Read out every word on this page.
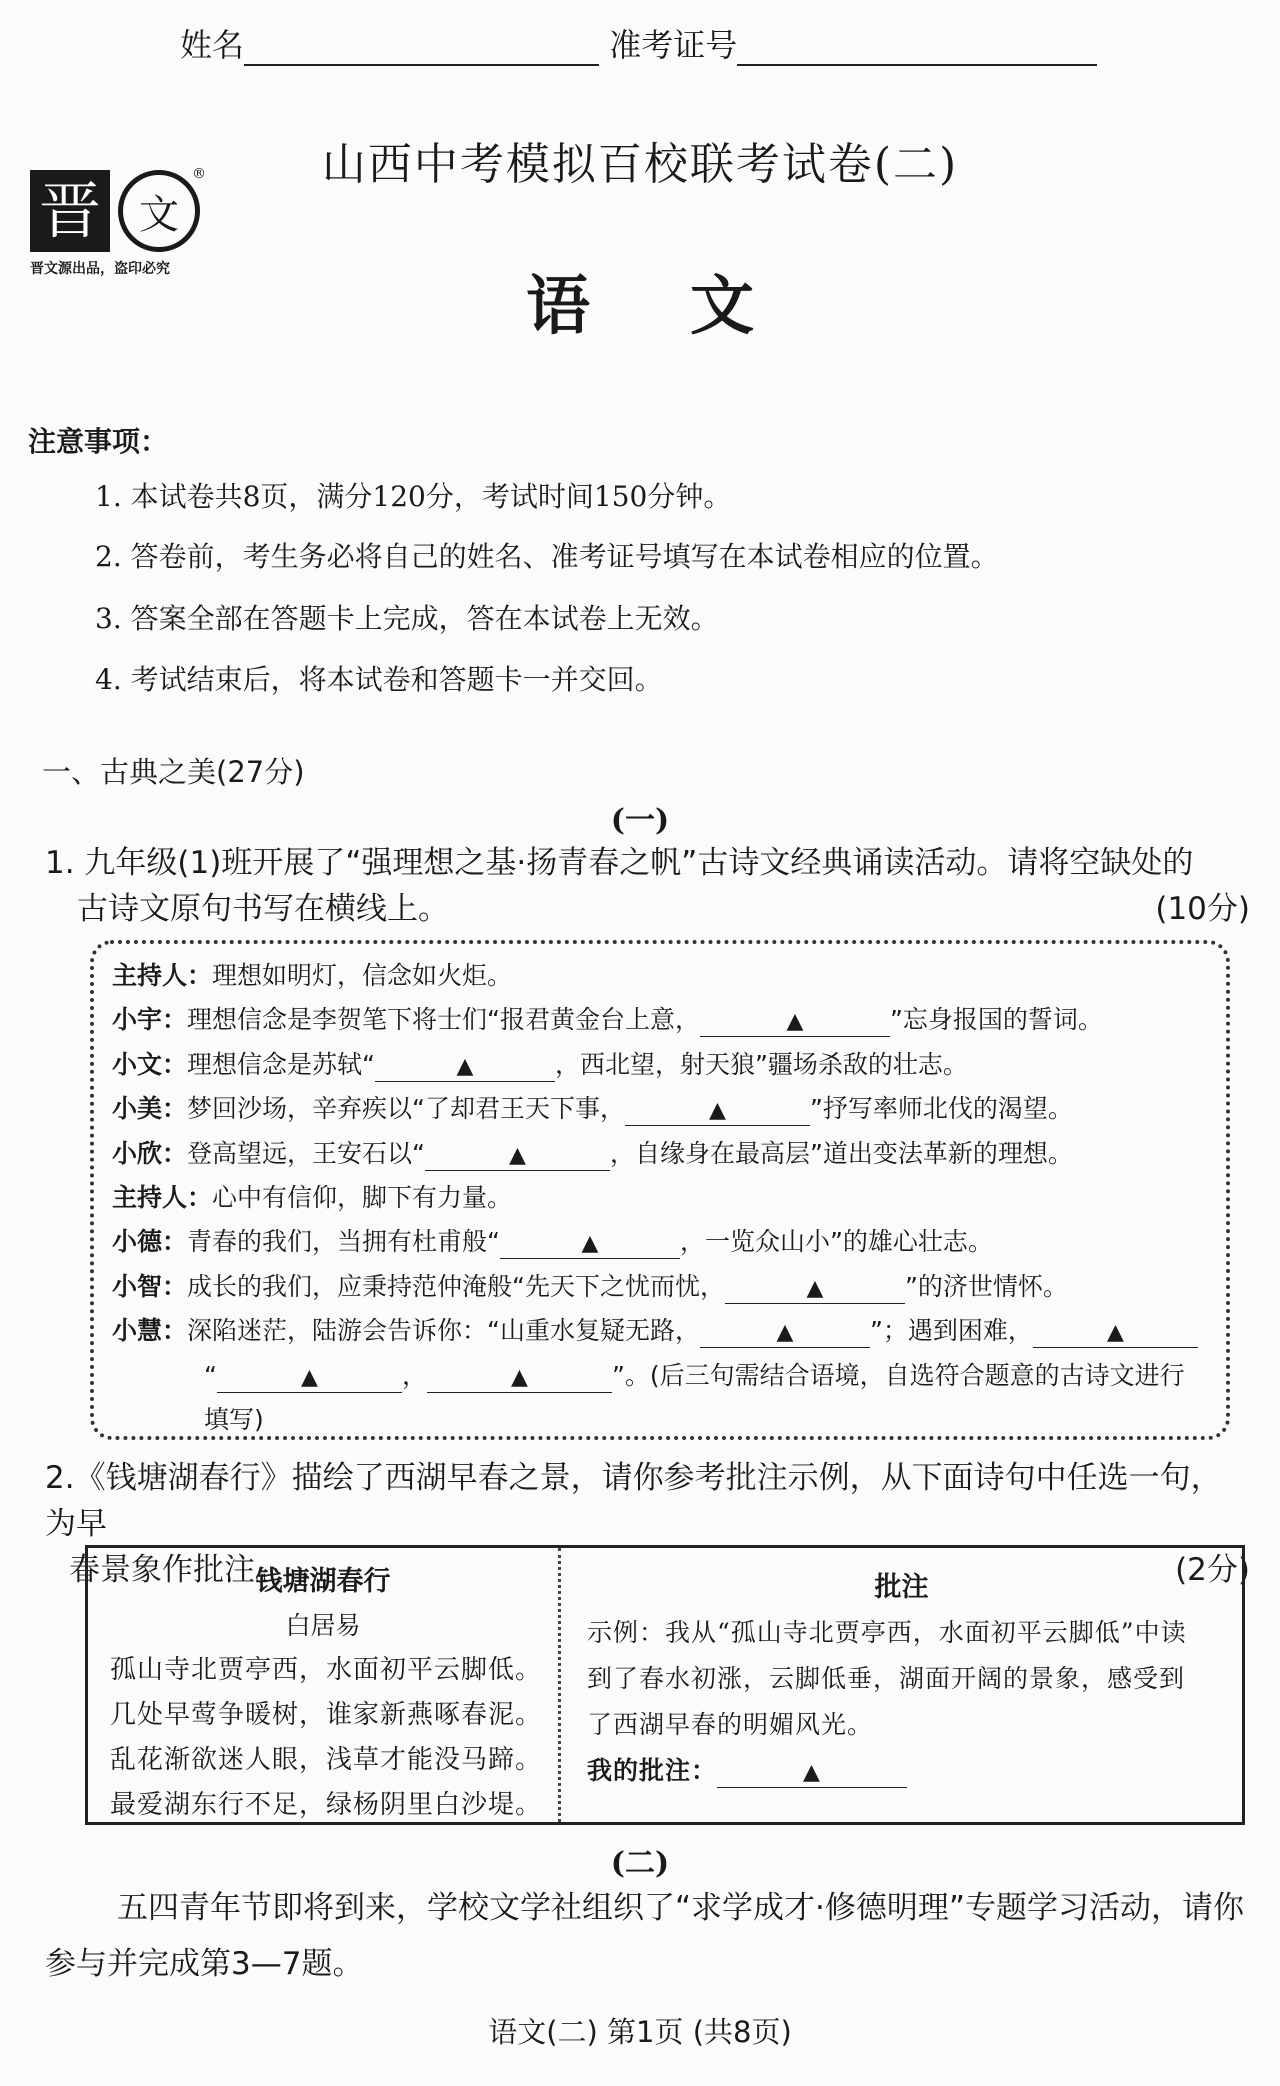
姓名	准考证号
晋 文
®
晋文源出品，盗印必究
山西中考模拟百校联考试卷(二)
语文
注意事项：
1. 本试卷共8页，满分120分，考试时间150分钟。
2. 答卷前，考生务必将自己的姓名、准考证号填写在本试卷相应的位置。
3. 答案全部在答题卡上完成，答在本试卷上无效。
4. 考试结束后，将本试卷和答题卡一并交回。
一、古典之美(27分)
(一)
1. 九年级(1)班开展了“强理想之基·扬青春之帆”古诗文经典诵读活动。请将空缺处的
古诗文原句书写在横线上。	(10分)
主持人：理想如明灯，信念如火炬。
小宇：理想信念是李贺笔下将士们“报君黄金台上意，	▲	”忘身报国的誓词。
小文：理想信念是苏轼“	▲	，西北望，射天狼”疆场杀敌的壮志。
小美：梦回沙场，辛弃疾以“了却君王天下事，	▲	”抒写率师北伐的渴望。
小欣：登高望远，王安石以“	▲	，自缘身在最高层”道出变法革新的理想。
主持人：心中有信仰，脚下有力量。
小德：青春的我们，当拥有杜甫般“	▲	，一览众山小”的雄心壮志。
小智：成长的我们，应秉持范仲淹般“先天下之忧而忧，	▲	”的济世情怀。
小慧：深陷迷茫，陆游会告诉你：“山重水复疑无路，	▲	”；遇到困难，	▲
“	▲	，	▲	”。(后三句需结合语境，自选符合题意的古诗文进行
填写)
2.《钱塘湖春行》描绘了西湖早春之景，请你参考批注示例，从下面诗句中任选一句，为早
春景象作批注。	(2分)
钱塘湖春行
白居易
孤山寺北贾亭西，水面初平云脚低。
几处早莺争暖树，谁家新燕啄春泥。
乱花渐欲迷人眼，浅草才能没马蹄。
最爱湖东行不足，绿杨阴里白沙堤。
批注
示例：我从“孤山寺北贾亭西，水面初平云脚低”中读
到了春水初涨，云脚低垂，湖面开阔的景象，感受到
了西湖早春的明媚风光。
我的批注：	▲
(二)
五四青年节即将到来，学校文学社组织了“求学成才·修德明理”专题学习活动，请你
参与并完成第3—7题。
语文(二) 第1页 (共8页)
